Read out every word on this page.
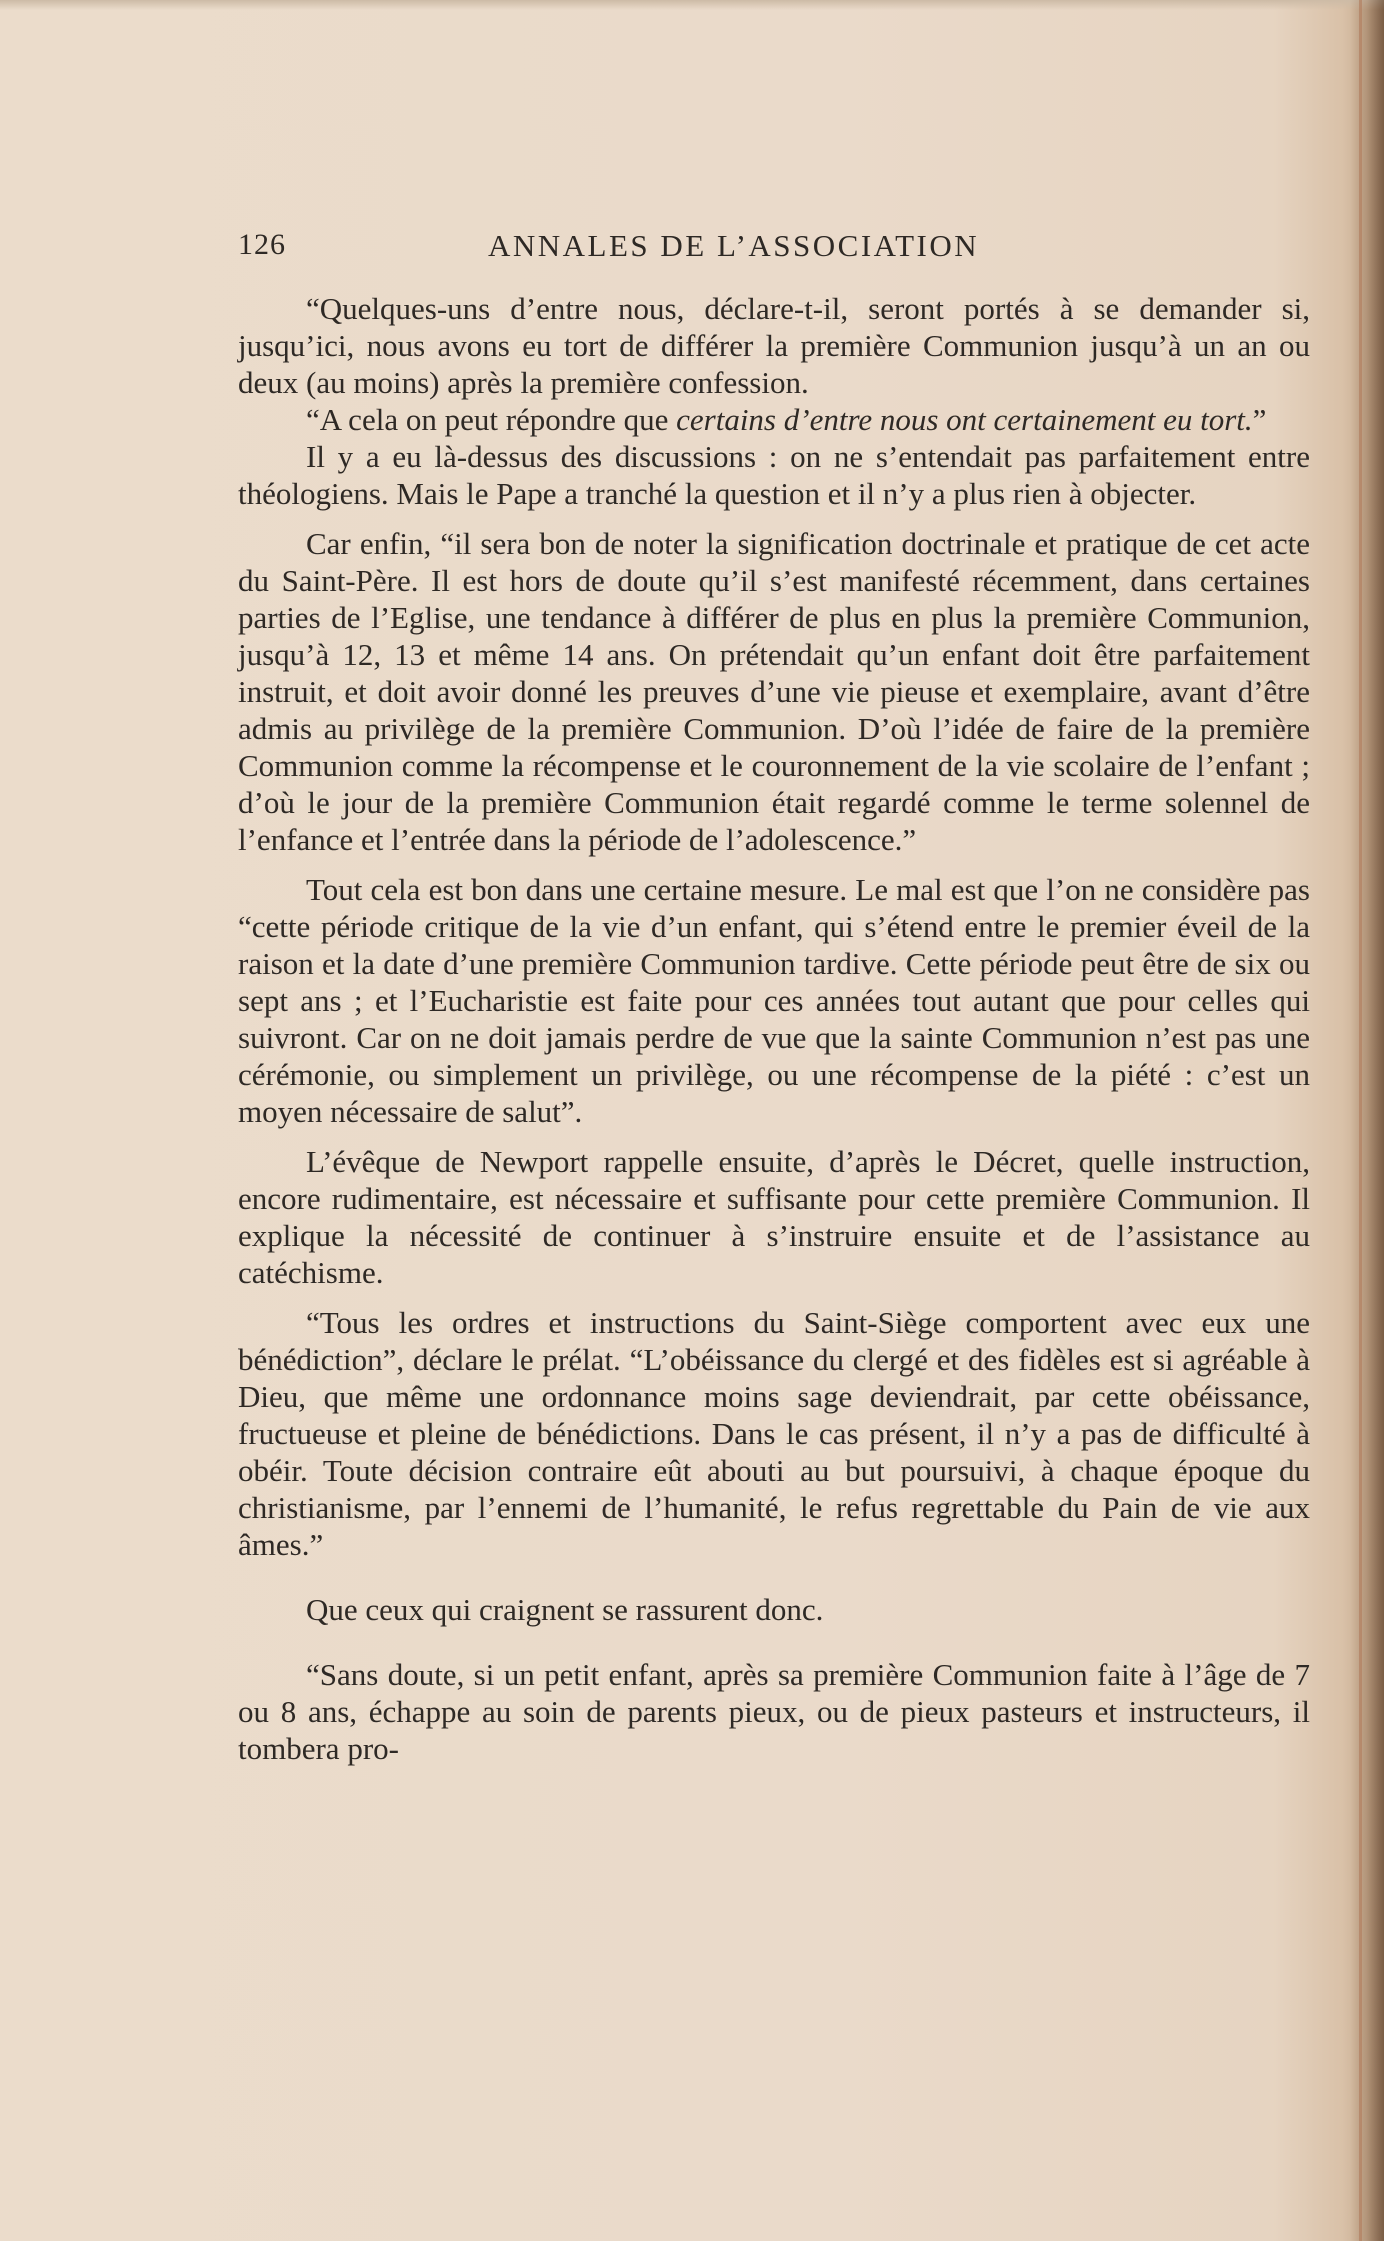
126	ANNALES DE L’ASSOCIATION

“Quelques-uns d’entre nous, déclare-t-il, seront portés à se demander si, jusqu’ici, nous avons eu tort de différer la première Communion jusqu’à un an ou deux (au moins) après la première confession.

“A cela on peut répondre que certains d’entre nous ont certainement eu tort.”

Il y a eu là-dessus des discussions : on ne s’entendait pas parfaitement entre théologiens. Mais le Pape a tranché la question et il n’y a plus rien à objecter.

Car enfin, “il sera bon de noter la signification doctrinale et pratique de cet acte du Saint-Père. Il est hors de doute qu’il s’est manifesté récemment, dans certaines parties de l’Eglise, une tendance à différer de plus en plus la première Communion, jusqu’à 12, 13 et même 14 ans. On prétendait qu’un enfant doit être parfaitement instruit, et doit avoir donné les preuves d’une vie pieuse et exemplaire, avant d’être admis au privilège de la première Communion. D’où l’idée de faire de la première Communion comme la récompense et le couronnement de la vie scolaire de l’enfant ; d’où le jour de la première Communion était regardé comme le terme solennel de l’enfance et l’entrée dans la période de l’adolescence.”

Tout cela est bon dans une certaine mesure. Le mal est que l’on ne considère pas “cette période critique de la vie d’un enfant, qui s’étend entre le premier éveil de la raison et la date d’une première Communion tardive. Cette période peut être de six ou sept ans ; et l’Eucharistie est faite pour ces années tout autant que pour celles qui suivront. Car on ne doit jamais perdre de vue que la sainte Communion n’est pas une cérémonie, ou simplement un privilège, ou une récompense de la piété : c’est un moyen nécessaire de salut”.

L’évêque de Newport rappelle ensuite, d’après le Décret, quelle instruction, encore rudimentaire, est nécessaire et suffisante pour cette première Communion. Il explique la nécessité de continuer à s’instruire ensuite et de l’assistance au catéchisme.

“Tous les ordres et instructions du Saint-Siège comportent avec eux une bénédiction”, déclare le prélat. “L’obéissance du clergé et des fidèles est si agréable à Dieu, que même une ordonnance moins sage deviendrait, par cette obéissance, fructueuse et pleine de bénédictions. Dans le cas présent, il n’y a pas de difficulté à obéir. Toute décision contraire eût abouti au but poursuivi, à chaque époque du christianisme, par l’ennemi de l’humanité, le refus regrettable du Pain de vie aux âmes.”

Que ceux qui craignent se rassurent donc.

“Sans doute, si un petit enfant, après sa première Communion faite à l’âge de 7 ou 8 ans, échappe au soin de parents pieux, ou de pieux pasteurs et instructeurs, il tombera pro-
